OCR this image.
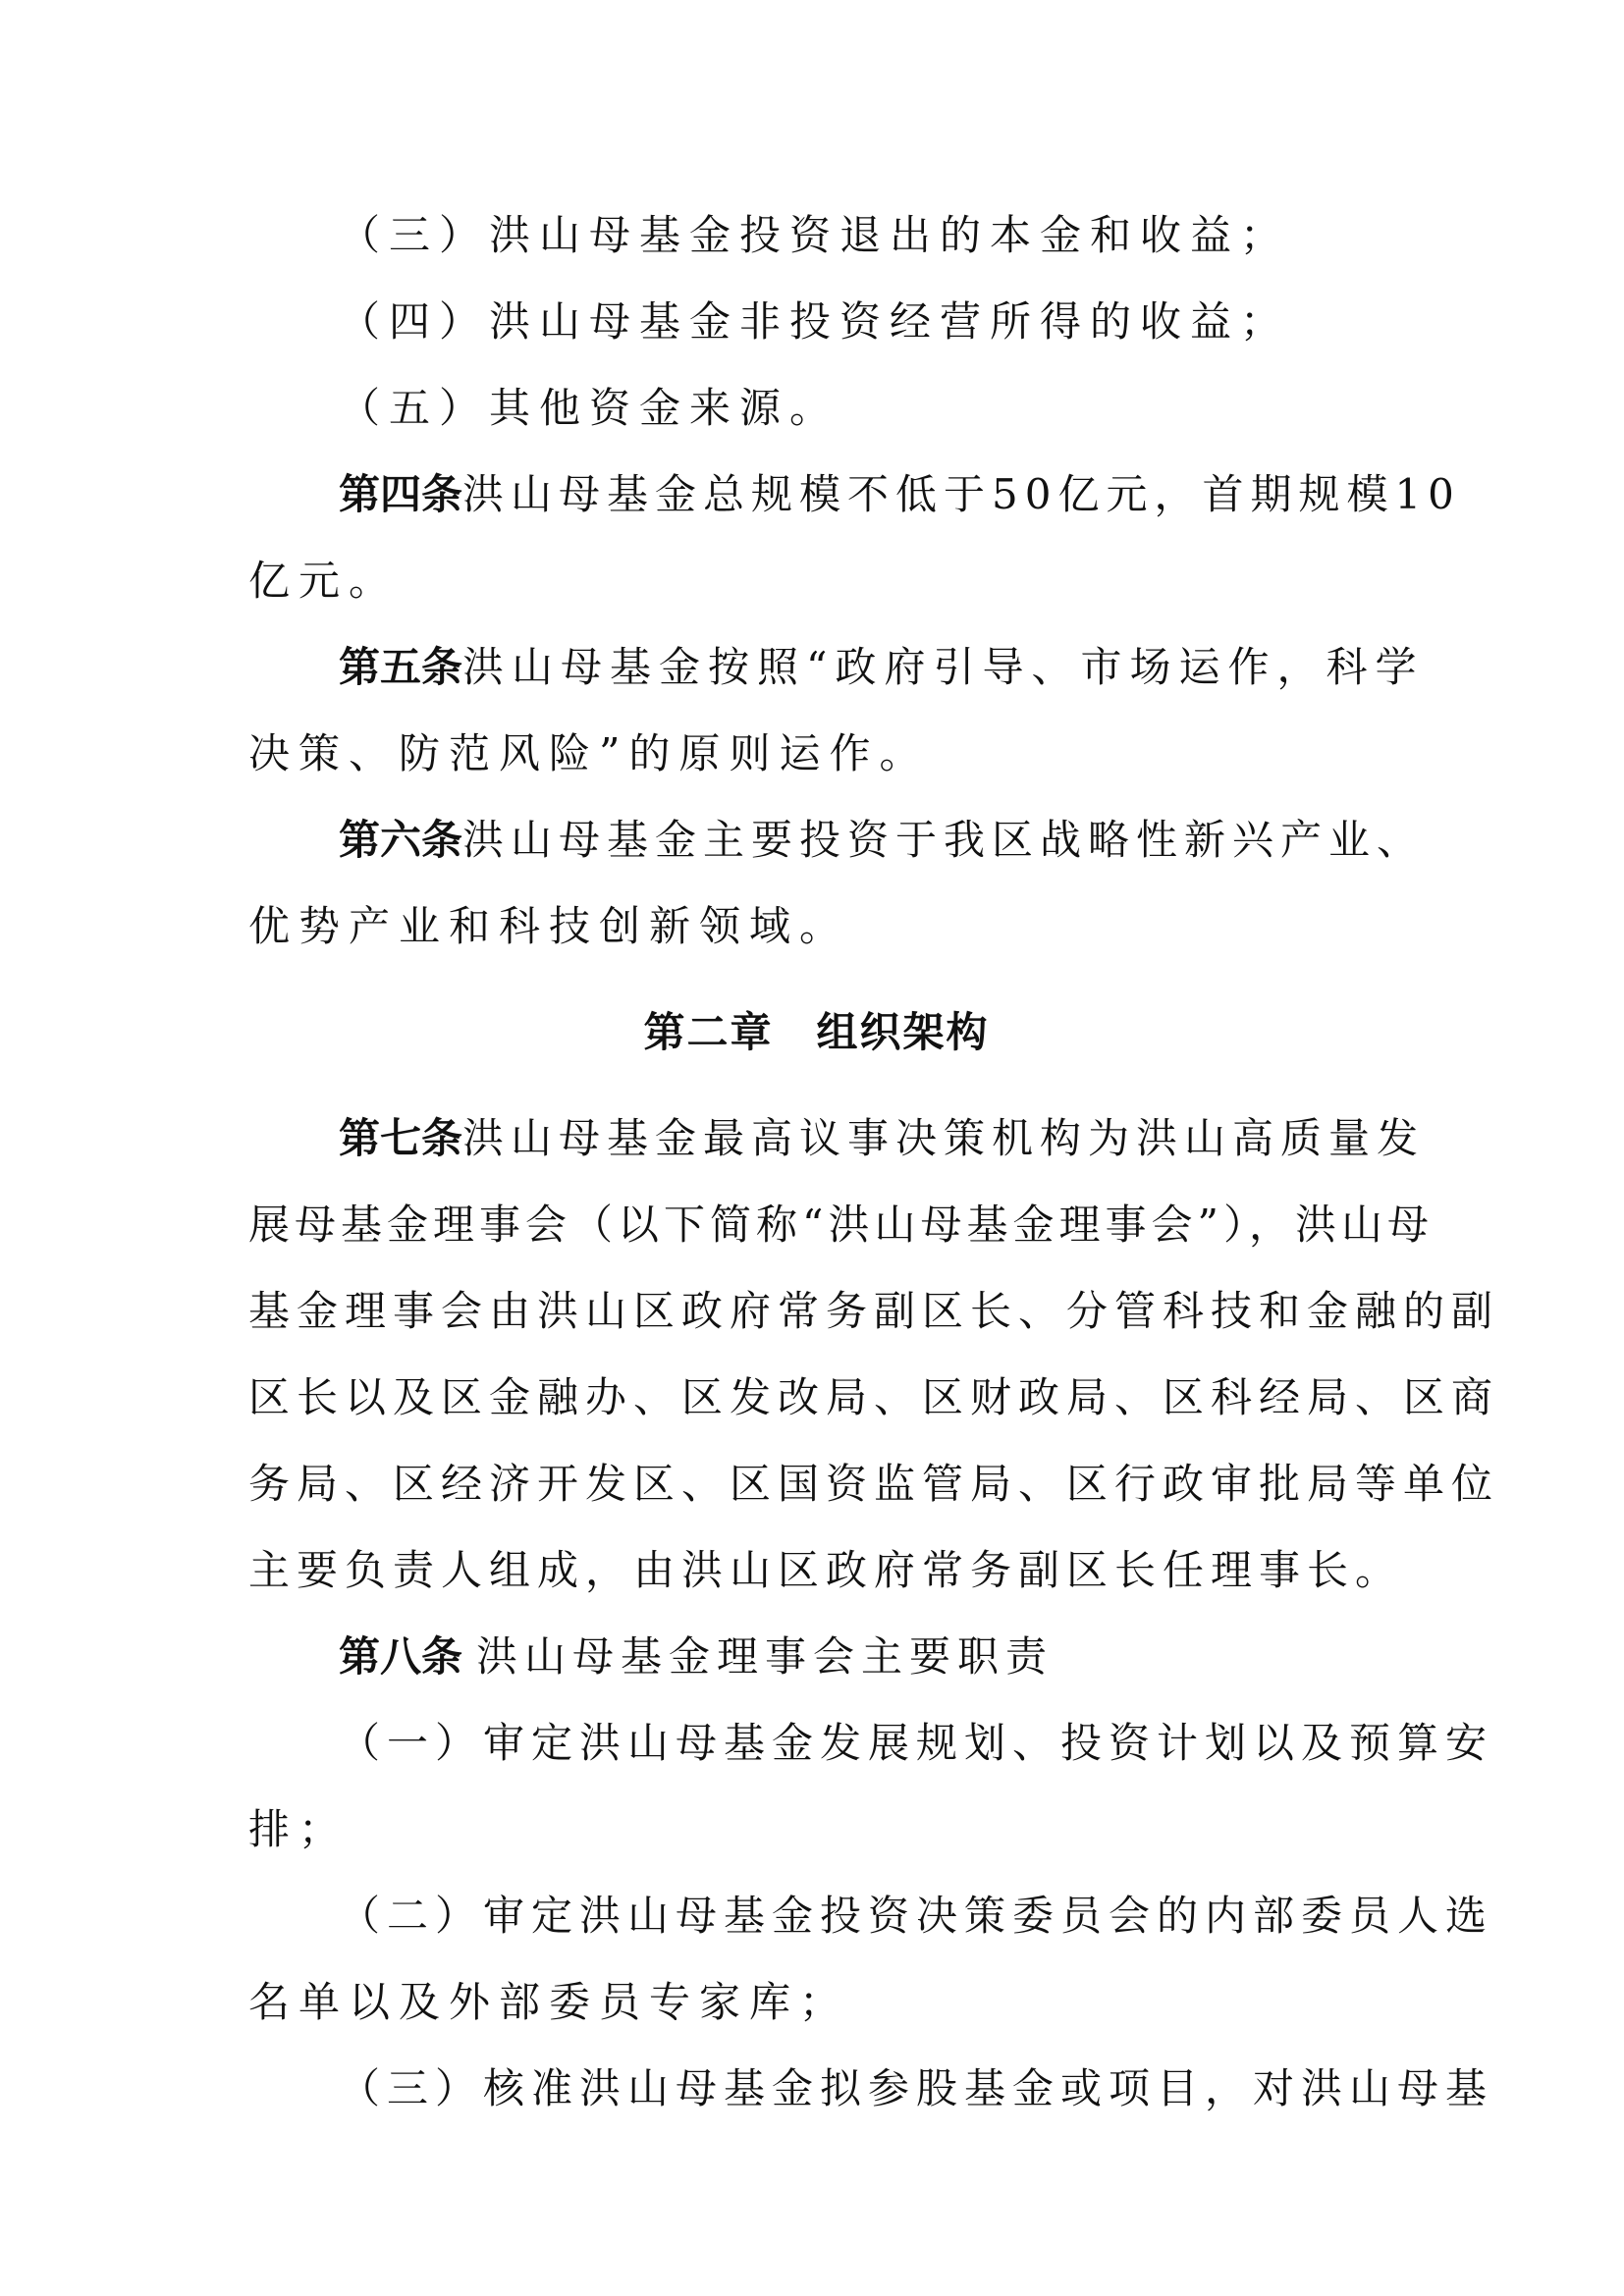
（三）洪山母基金投资退出的本金和收益；
（四）洪山母基金非投资经营所得的收益；
（五）其他资金来源。
第四条 洪山母基金总规模不低于50亿元，首期规模10
亿元。
第五条 洪山母基金按照“政府引导、市场运作，科学
决策、防范风险”的原则运作。
第六条 洪山母基金主要投资于我区战略性新兴产业、
优势产业和科技创新领域。
第二章　组织架构
第七条 洪山母基金最高议事决策机构为洪山高质量发
展母基金理事会（以下简称“洪山母基金理事会”），洪山母
基金理事会由洪山区政府常务副区长、分管科技和金融的副
区长以及区金融办、区发改局、区财政局、区科经局、区商
务局、区经济开发区、区国资监管局、区行政审批局等单位
主要负责人组成，由洪山区政府常务副区长任理事长。
第八条 洪山母基金理事会主要职责
（一）审定洪山母基金发展规划、投资计划以及预算安
排；
（二）审定洪山母基金投资决策委员会的内部委员人选
名单以及外部委员专家库；
（三）核准洪山母基金拟参股基金或项目，对洪山母基
